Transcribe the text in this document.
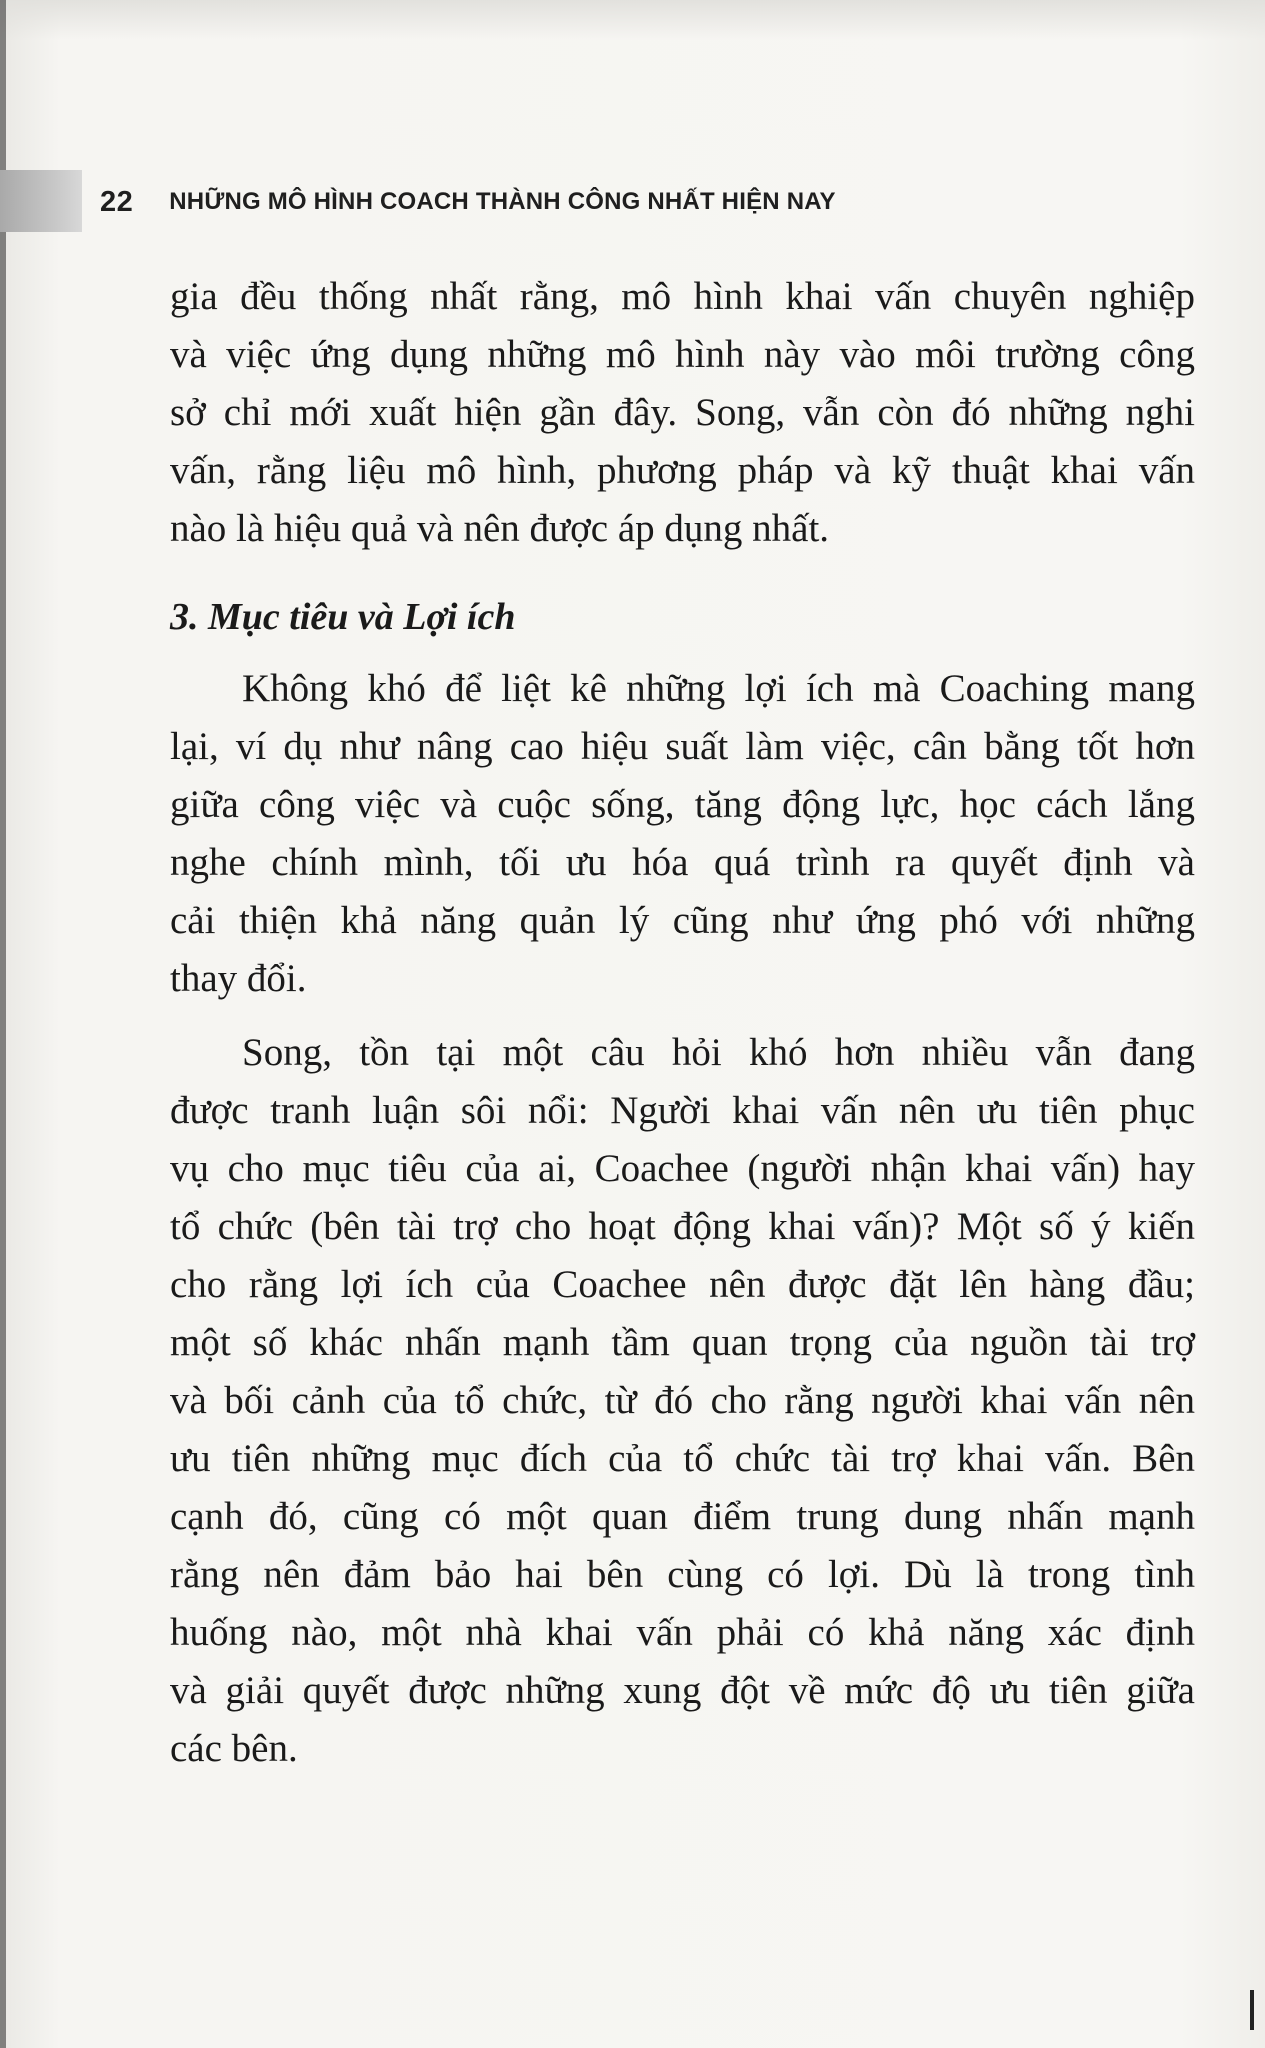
22 NHỮNG MÔ HÌNH COACH THÀNH CÔNG NHẤT HIỆN NAY

gia đều thống nhất rằng, mô hình khai vấn chuyên nghiệp
và việc ứng dụng những mô hình này vào môi trường công
sở chỉ mới xuất hiện gần đây. Song, vẫn còn đó những nghi
vấn, rằng liệu mô hình, phương pháp và kỹ thuật khai vấn
nào là hiệu quả và nên được áp dụng nhất.

3. Mục tiêu và Lợi ích

Không khó để liệt kê những lợi ích mà Coaching mang
lại, ví dụ như nâng cao hiệu suất làm việc, cân bằng tốt hơn
giữa công việc và cuộc sống, tăng động lực, học cách lắng
nghe chính mình, tối ưu hóa quá trình ra quyết định và
cải thiện khả năng quản lý cũng như ứng phó với những
thay đổi.

Song, tồn tại một câu hỏi khó hơn nhiều vẫn đang
được tranh luận sôi nổi: Người khai vấn nên ưu tiên phục
vụ cho mục tiêu của ai, Coachee (người nhận khai vấn) hay
tổ chức (bên tài trợ cho hoạt động khai vấn)? Một số ý kiến
cho rằng lợi ích của Coachee nên được đặt lên hàng đầu;
một số khác nhấn mạnh tầm quan trọng của nguồn tài trợ
và bối cảnh của tổ chức, từ đó cho rằng người khai vấn nên
ưu tiên những mục đích của tổ chức tài trợ khai vấn. Bên
cạnh đó, cũng có một quan điểm trung dung nhấn mạnh
rằng nên đảm bảo hai bên cùng có lợi. Dù là trong tình
huống nào, một nhà khai vấn phải có khả năng xác định
và giải quyết được những xung đột về mức độ ưu tiên giữa
các bên.
